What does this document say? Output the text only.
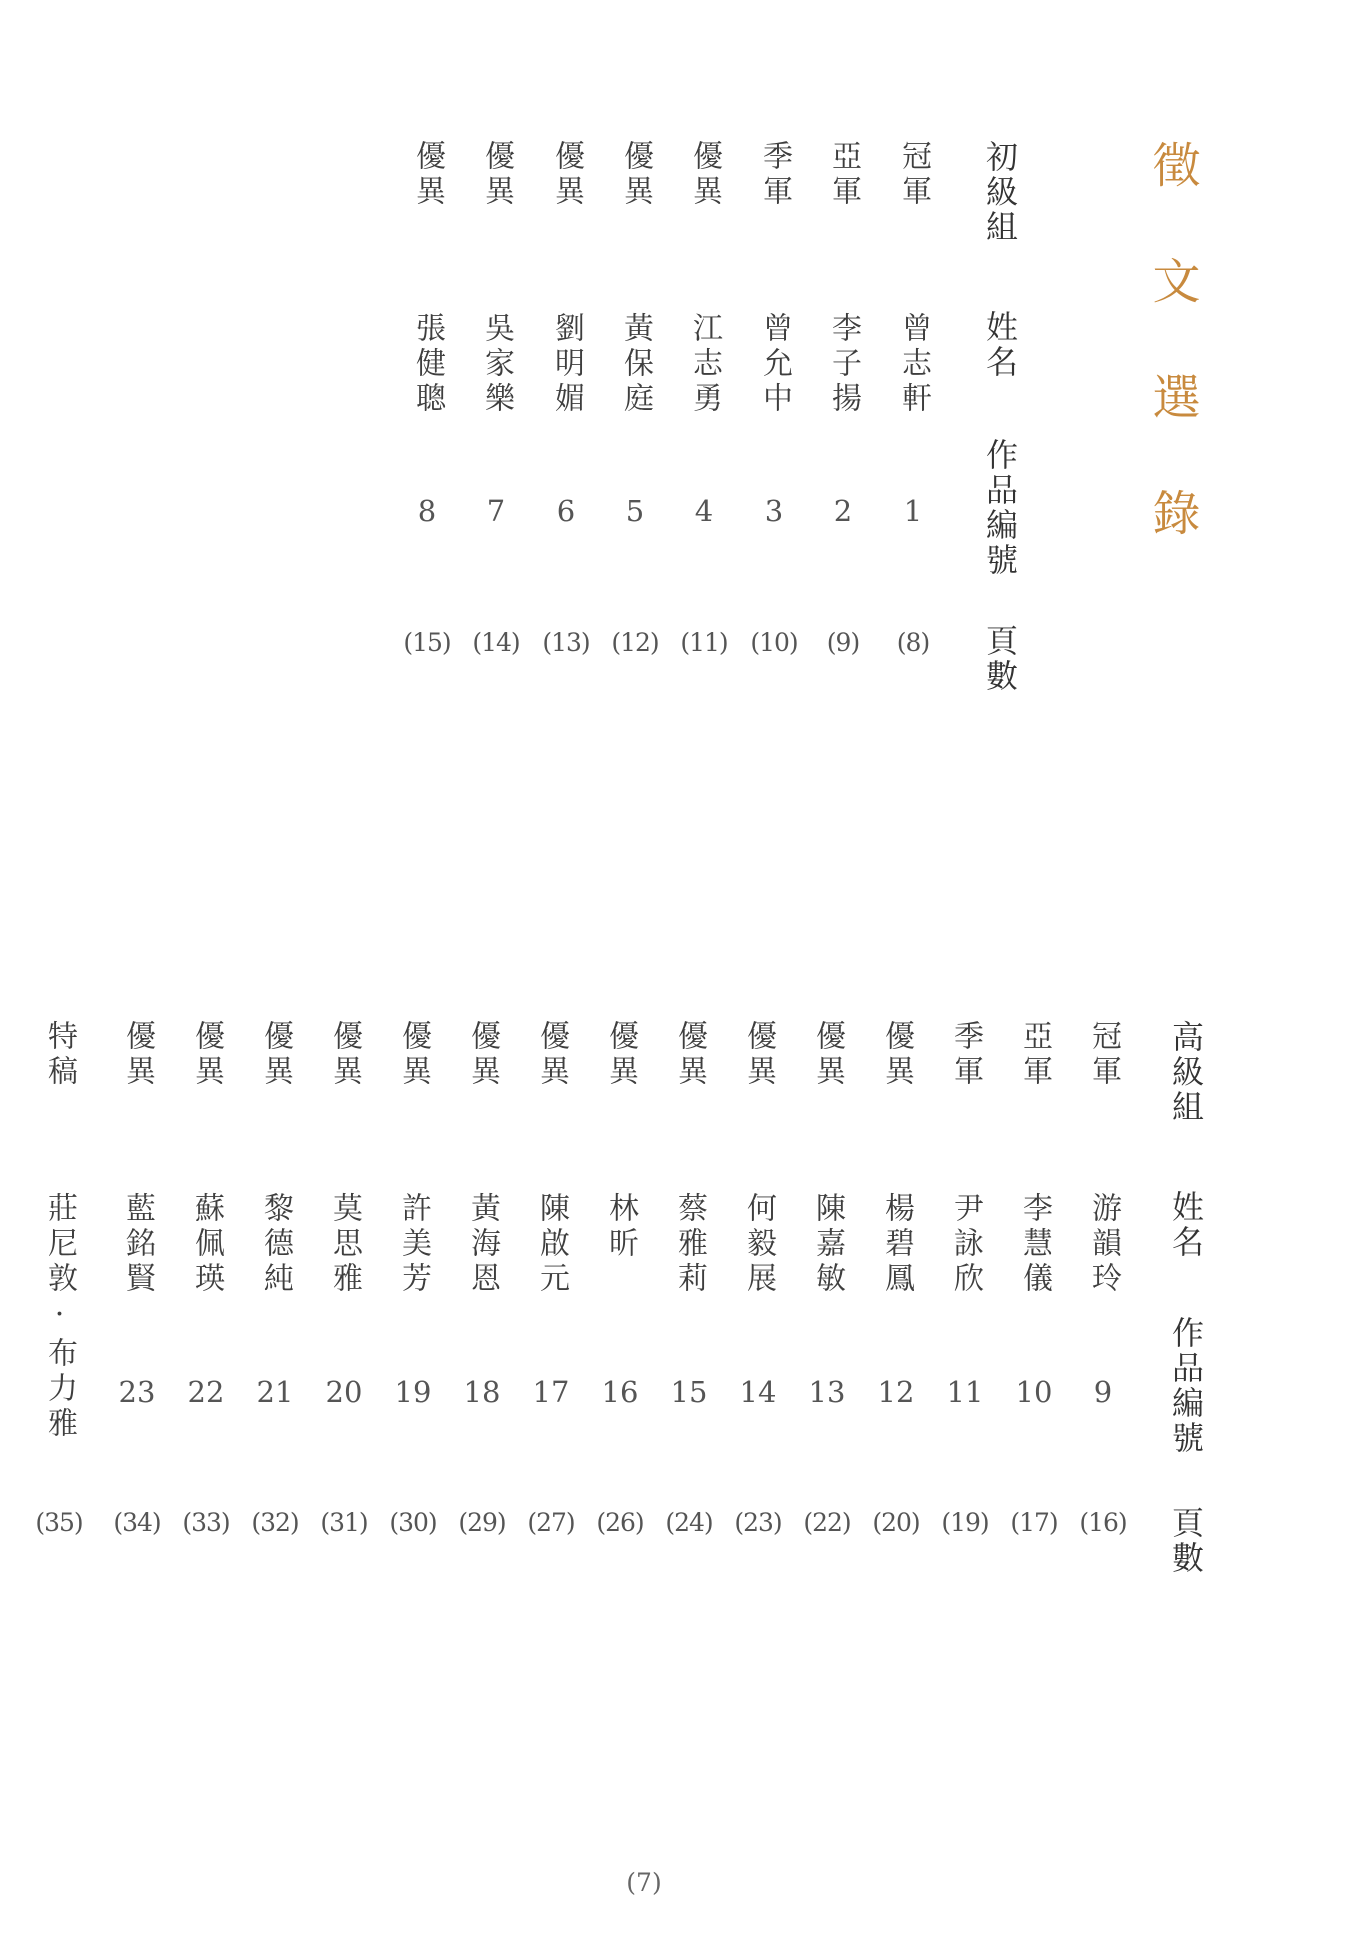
徵文選錄
初級組
姓名
作品編號
頁數
冠軍
曾志軒
1
(8)
亞軍
李子揚
2
(9)
季軍
曾允中
3
(10)
優異
江志勇
4
(11)
優異
黃保庭
5
(12)
優異
劉明媚
6
(13)
優異
吳家樂
7
(14)
優異
張健聰
8
(15)
高級組
姓名
作品編號
頁數
冠軍
游韻玲
9
(16)
亞軍
李慧儀
10
(17)
季軍
尹詠欣
11
(19)
優異
楊碧鳳
12
(20)
優異
陳嘉敏
13
(22)
優異
何毅展
14
(23)
優異
蔡雅莉
15
(24)
優異
林昕
16
(26)
優異
陳啟元
17
(27)
優異
黃海恩
18
(29)
優異
許美芳
19
(30)
優異
莫思雅
20
(31)
優異
黎德純
21
(32)
優異
蘇佩瑛
22
(33)
優異
藍銘賢
23
(34)
特稿
莊尼敦·布力雅
(35)
(7)
